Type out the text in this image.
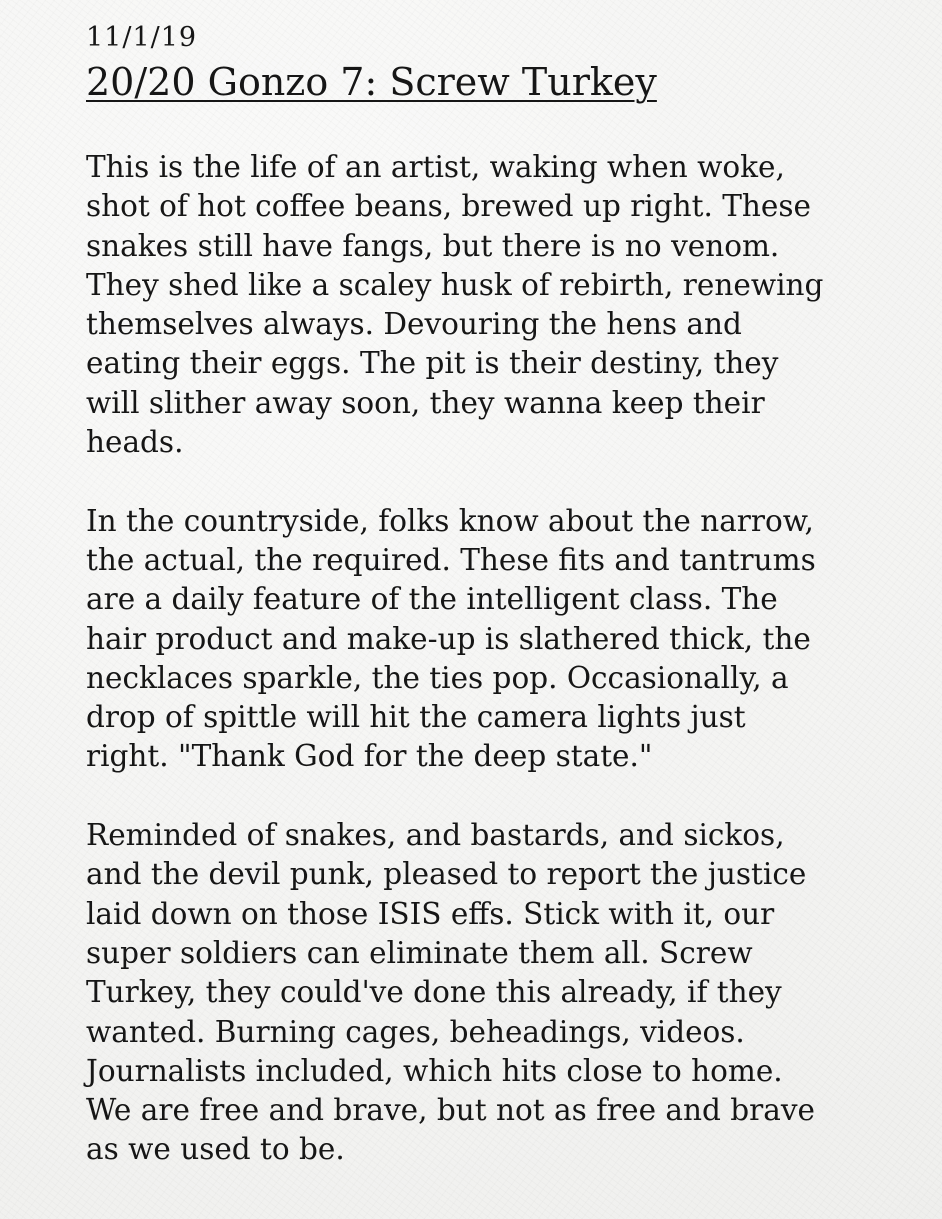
11/1/19

20/20 Gonzo 7: Screw Turkey

This is the life of an artist, waking when woke,
shot of hot coffee beans, brewed up right. These
snakes still have fangs, but there is no venom.
They shed like a scaley husk of rebirth, renewing
themselves always. Devouring the hens and
eating their eggs. The pit is their destiny, they
will slither away soon, they wanna keep their
heads.

In the countryside, folks know about the narrow,
the actual, the required. These fits and tantrums
are a daily feature of the intelligent class. The
hair product and make-up is slathered thick, the
necklaces sparkle, the ties pop. Occasionally, a
drop of spittle will hit the camera lights just
right. "Thank God for the deep state."

Reminded of snakes, and bastards, and sickos,
and the devil punk, pleased to report the justice
laid down on those ISIS effs. Stick with it, our
super soldiers can eliminate them all. Screw
Turkey, they could've done this already, if they
wanted. Burning cages, beheadings, videos.
Journalists included, which hits close to home.
We are free and brave, but not as free and brave
as we used to be.
